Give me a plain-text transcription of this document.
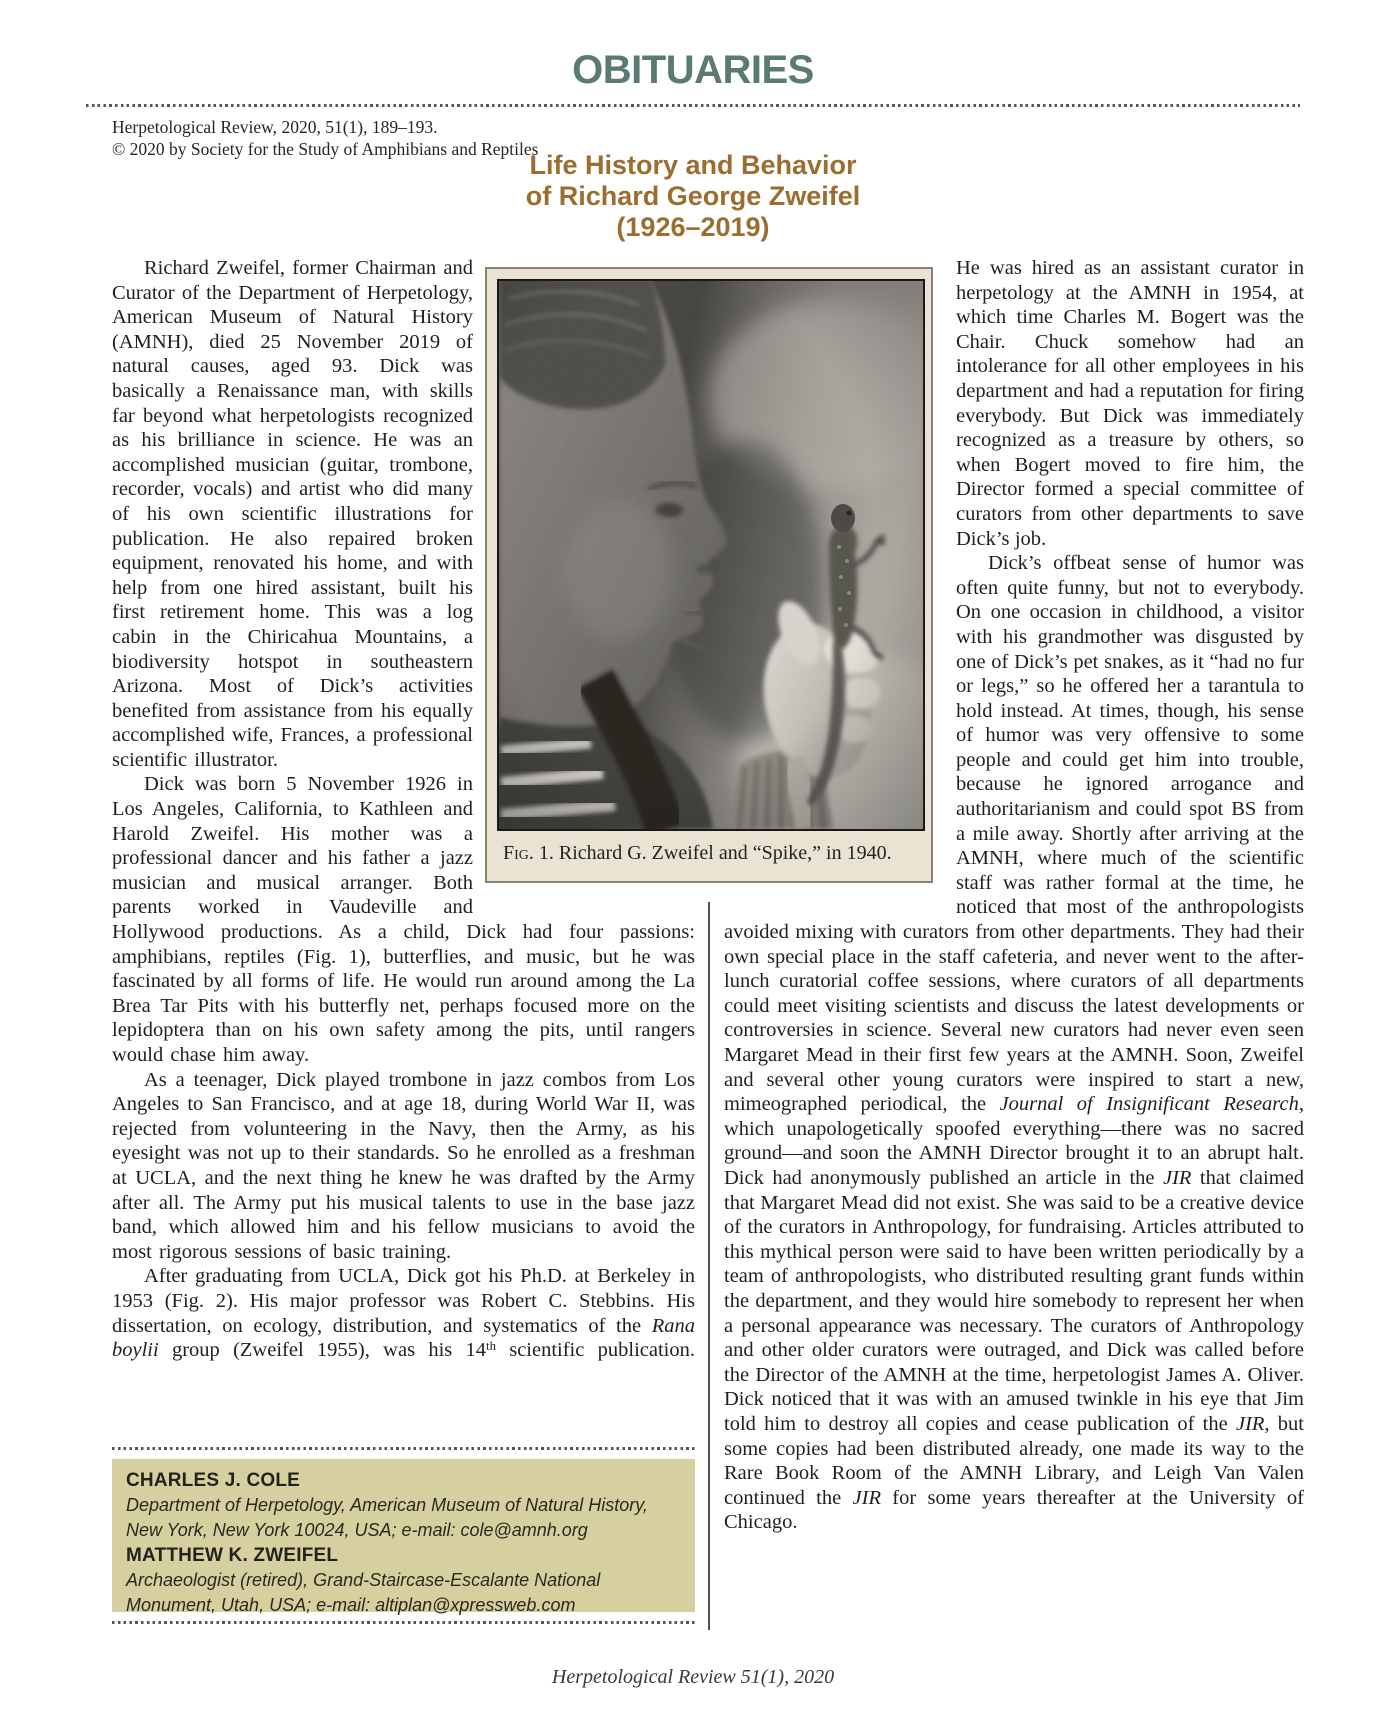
OBITUARIES
Herpetological Review, 2020, 51(1), 189–193.
© 2020 by Society for the Study of Amphibians and Reptiles
Life History and Behavior
of Richard George Zweifel
(1926–2019)

Richard Zweifel, former Chairman and Curator of the Department of Herpetology, American Museum of Natural History (AMNH), died 25 November 2019 of natural causes, aged 93. Dick was basically a Renaissance man, with skills far beyond what herpetologists recognized as his brilliance in science. He was an accomplished musician (guitar, trombone, recorder, vocals) and artist who did many of his own scientific illustrations for publication. He also repaired broken equipment, renovated his home, and with help from one hired assistant, built his first retirement home. This was a log cabin in the Chiricahua Mountains, a biodiversity hotspot in southeastern Arizona. Most of Dick’s activities benefited from assistance from his equally accomplished wife, Frances, a professional scientific illustrator.

Dick was born 5 November 1926 in Los Angeles, California, to Kathleen and Harold Zweifel. His mother was a professional dancer and his father a jazz musician and musical arranger. Both parents worked in Vaudeville and Hollywood productions. As a child, Dick had four passions: amphibians, reptiles (Fig. 1), butterflies, and music, but he was fascinated by all forms of life. He would run around among the La Brea Tar Pits with his butterfly net, perhaps focused more on the lepidoptera than on his own safety among the pits, until rangers would chase him away.

As a teenager, Dick played trombone in jazz combos from Los Angeles to San Francisco, and at age 18, during World War II, was rejected from volunteering in the Navy, then the Army, as his eyesight was not up to their standards. So he enrolled as a freshman at UCLA, and the next thing he knew he was drafted by the Army after all. The Army put his musical talents to use in the base jazz band, which allowed him and his fellow musicians to avoid the most rigorous sessions of basic training.

After graduating from UCLA, Dick got his Ph.D. at Berkeley in 1953 (Fig. 2). His major professor was Robert C. Stebbins. His dissertation, on ecology, distribution, and systematics of the Rana boylii group (Zweifel 1955), was his 14th scientific publication.

He was hired as an assistant curator in herpetology at the AMNH in 1954, at which time Charles M. Bogert was the Chair. Chuck somehow had an intolerance for all other employees in his department and had a reputation for firing everybody. But Dick was immediately recognized as a treasure by others, so when Bogert moved to fire him, the Director formed a special committee of curators from other departments to save Dick’s job.

Dick’s offbeat sense of humor was often quite funny, but not to everybody. On one occasion in childhood, a visitor with his grandmother was disgusted by one of Dick’s pet snakes, as it “had no fur or legs,” so he offered her a tarantula to hold instead. At times, though, his sense of humor was very offensive to some people and could get him into trouble, because he ignored arrogance and authoritarianism and could spot BS from a mile away. Shortly after arriving at the AMNH, where much of the scientific staff was rather formal at the time, he noticed that most of the anthropologists avoided mixing with curators from other departments. They had their own special place in the staff cafeteria, and never went to the after-lunch curatorial coffee sessions, where curators of all departments could meet visiting scientists and discuss the latest developments or controversies in science. Several new curators had never even seen Margaret Mead in their first few years at the AMNH. Soon, Zweifel and several other young curators were inspired to start a new, mimeographed periodical, the Journal of Insignificant Research, which unapologetically spoofed everything—there was no sacred ground—and soon the AMNH Director brought it to an abrupt halt. Dick had anonymously published an article in the JIR that claimed that Margaret Mead did not exist. She was said to be a creative device of the curators in Anthropology, for fundraising. Articles attributed to this mythical person were said to have been written periodically by a team of anthropologists, who distributed resulting grant funds within the department, and they would hire somebody to represent her when a personal appearance was necessary. The curators of Anthropology and other older curators were outraged, and Dick was called before the Director of the AMNH at the time, herpetologist James A. Oliver. Dick noticed that it was with an amused twinkle in his eye that Jim told him to destroy all copies and cease publication of the JIR, but some copies had been distributed already, one made its way to the Rare Book Room of the AMNH Library, and Leigh Van Valen continued the JIR for some years thereafter at the University of Chicago.

Fig. 1. Richard G. Zweifel and “Spike,” in 1940.
CHARLES J. COLE
Department of Herpetology, American Museum of Natural History, New York, New York 10024, USA; e-mail: cole@amnh.org
MATTHEW K. ZWEIFEL
Archaeologist (retired), Grand-Staircase-Escalante National Monument, Utah, USA; e-mail: altiplan@xpressweb.com
Herpetological Review 51(1), 2020
